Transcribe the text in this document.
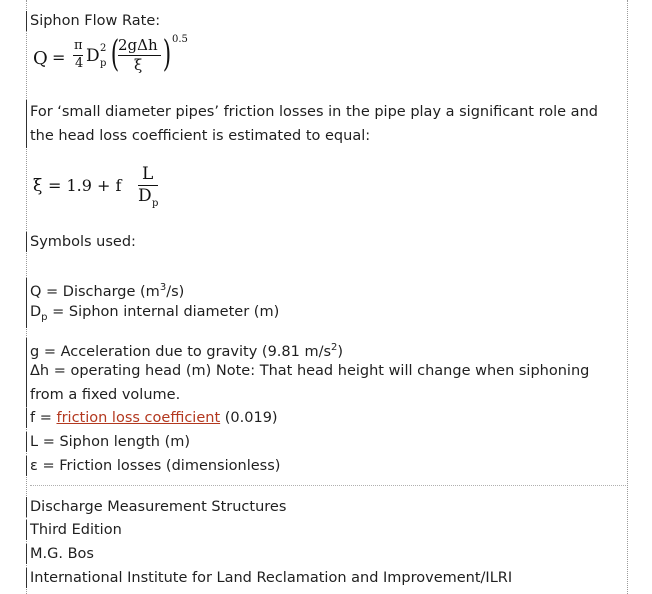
Siphon Flow Rate:
Q =
π
4 D p
2 (
2gΔh
ξ ) 0.5
For ‘small diameter pipes’ friction losses in the pipe play a significant role and the head loss coefficient is estimated to equal:
ξ = 1.9 + f
L
D p
Symbols used:
Q = Discharge $(m^3/s)$
$D_p$ = Siphon internal diameter (m)
g = Acceleration due to gravity (9.81 $m/s^2$)
Δh = operating head (m) Note: That head height will change when siphoning from a fixed volume.
f = friction loss coefficient (0.019)
L = Siphon length (m)
ε = Friction losses (dimensionless)
Discharge Measurement Structures
Third Edition
M.G. Bos
International Institute for Land Reclamation and Improvement/ILRI
